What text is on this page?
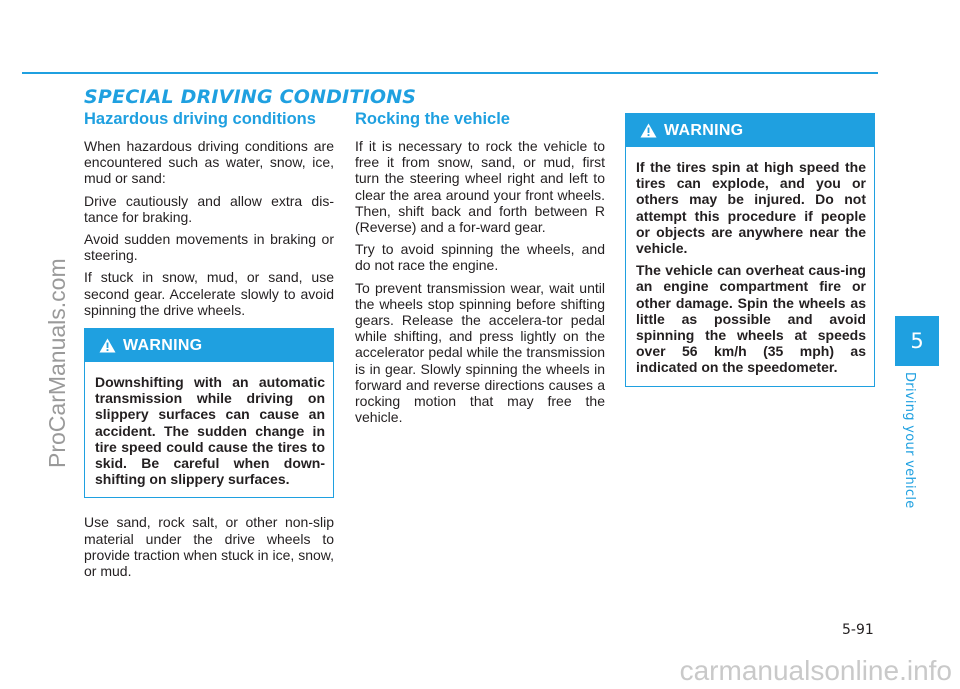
SPECIAL DRIVING CONDITIONS
Hazardous driving conditions

When hazardous driving conditions are encountered such as water, snow, ice, mud or sand:

Drive cautiously and allow extra dis-tance for braking.

Avoid sudden movements in braking or steering.

If stuck in snow, mud, or sand, use second gear. Accelerate slowly to avoid spinning the drive wheels.

WARNING

Downshifting with an automatic transmission while driving on slippery surfaces can cause an accident. The sudden change in tire speed could cause the tires to skid. Be careful when down-shifting on slippery surfaces.

Use sand, rock salt, or other non-slip material under the drive wheels to provide traction when stuck in ice, snow, or mud.

Rocking the vehicle

If it is necessary to rock the vehicle to free it from snow, sand, or mud, first turn the steering wheel right and left to clear the area around your front wheels. Then, shift back and forth between R (Reverse) and a for-ward gear.

Try to avoid spinning the wheels, and do not race the engine.

To prevent transmission wear, wait until the wheels stop spinning before shifting gears. Release the accelera-tor pedal while shifting, and press lightly on the accelerator pedal while the transmission is in gear. Slowly spinning the wheels in forward and reverse directions causes a rocking motion that may free the vehicle.

WARNING

If the tires spin at high speed the tires can explode, and you or others may be injured. Do not attempt this procedure if people or objects are anywhere near the vehicle.

The vehicle can overheat caus-ing an engine compartment fire or other damage. Spin the wheels as little as possible and avoid spinning the wheels at speeds over 56 km/h (35 mph) as indicated on the speedometer.

5
Driving your vehicle
5-91
ProCarManuals.com
carmanualsonline.info
